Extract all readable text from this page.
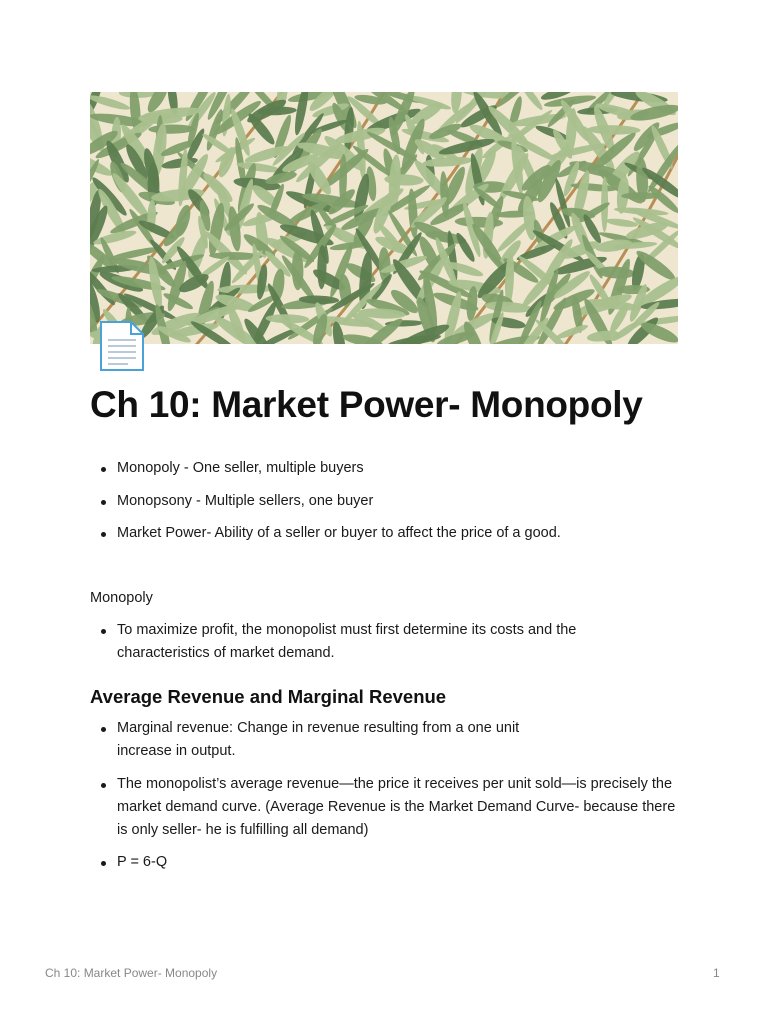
Ch 10: Market Power- Monopoly
Monopoly - One seller, multiple buyers
Monopsony - Multiple sellers, one buyer
Market Power- Ability of a seller or buyer to affect the price of a good.

Monopoly

To maximize profit, the monopolist must first determine its costs and the characteristics of market demand.
Average Revenue and Marginal Revenue
Marginal revenue: Change in revenue resulting from a one unit increase in output.
The monopolist’s average revenue—the price it receives per unit sold—is precisely the market demand curve. (Average Revenue is the Market Demand Curve- because there is only seller- he is fulfilling all demand)
P = 6-Q
Ch 10: Market Power- Monopoly	1
